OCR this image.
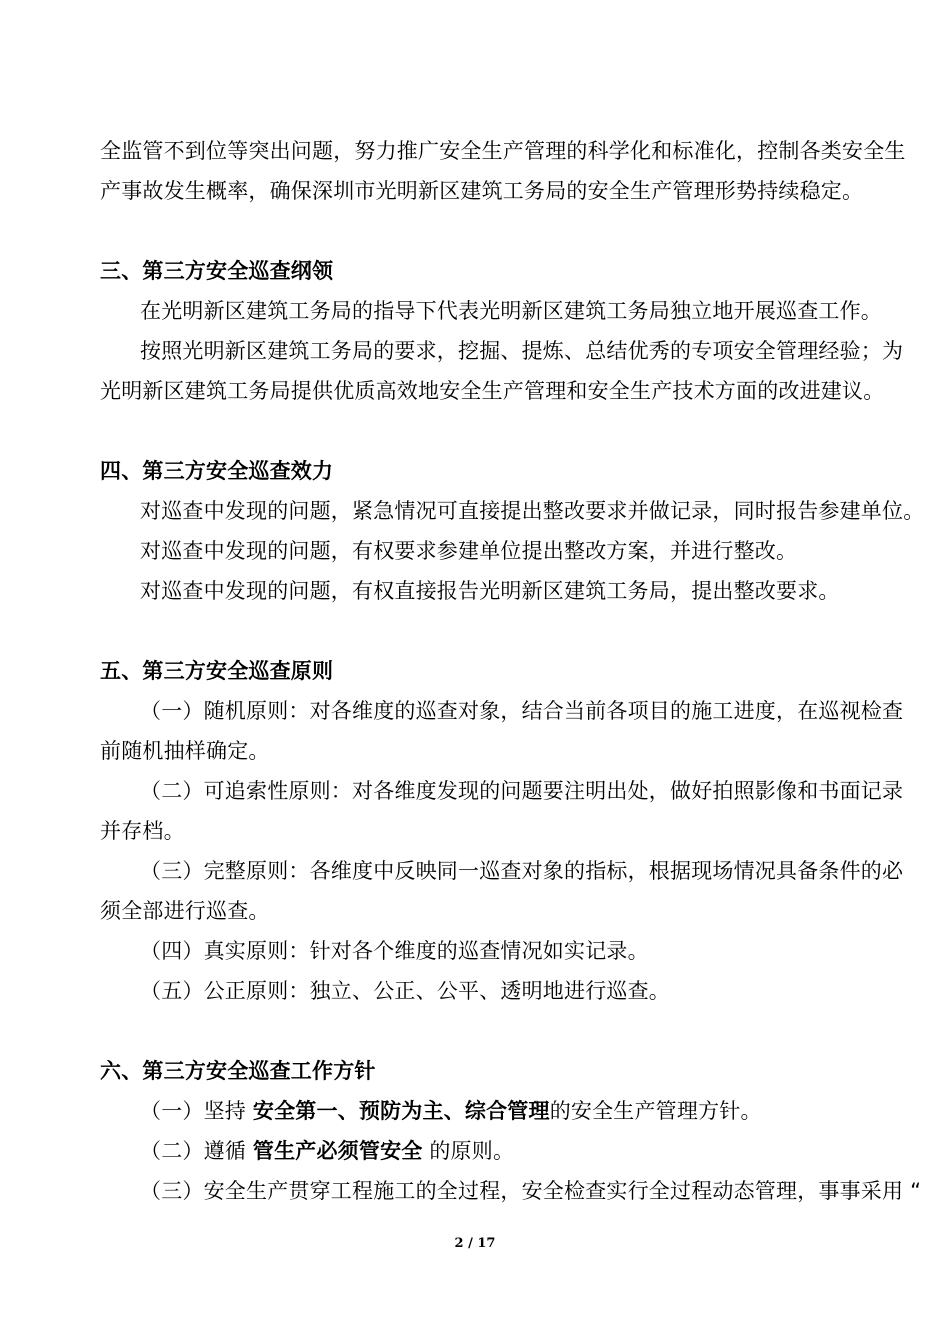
全监管不到位等突出问题，努力推广安全生产管理的科学化和标准化，控制各类安全生
产事故发生概率，确保深圳市光明新区建筑工务局的安全生产管理形势持续稳定。
三、第三方安全巡查纲领
在光明新区建筑工务局的指导下代表光明新区建筑工务局独立地开展巡查工作。
按照光明新区建筑工务局的要求，挖掘、提炼、总结优秀的专项安全管理经验；为
光明新区建筑工务局提供优质高效地安全生产管理和安全生产技术方面的改进建议。
四、第三方安全巡查效力
对巡查中发现的问题，紧急情况可直接提出整改要求并做记录，同时报告参建单位。
对巡查中发现的问题，有权要求参建单位提出整改方案，并进行整改。
对巡查中发现的问题，有权直接报告光明新区建筑工务局，提出整改要求。
五、第三方安全巡查原则
（一）随机原则：对各维度的巡查对象，结合当前各项目的施工进度，在巡视检查
前随机抽样确定。
（二）可追索性原则：对各维度发现的问题要注明出处，做好拍照影像和书面记录
并存档。
（三）完整原则：各维度中反映同一巡查对象的指标，根据现场情况具备条件的必
须全部进行巡查。
（四）真实原则：针对各个维度的巡查情况如实记录。
（五）公正原则：独立、公正、公平、透明地进行巡查。
六、第三方安全巡查工作方针
（一）坚持 安全第一、预防为主、综合管理的安全生产管理方针。
（二）遵循 管生产必须管安全 的原则。
（三）安全生产贯穿工程施工的全过程，安全检查实行全过程动态管理，事事采用 “
2 / 17
